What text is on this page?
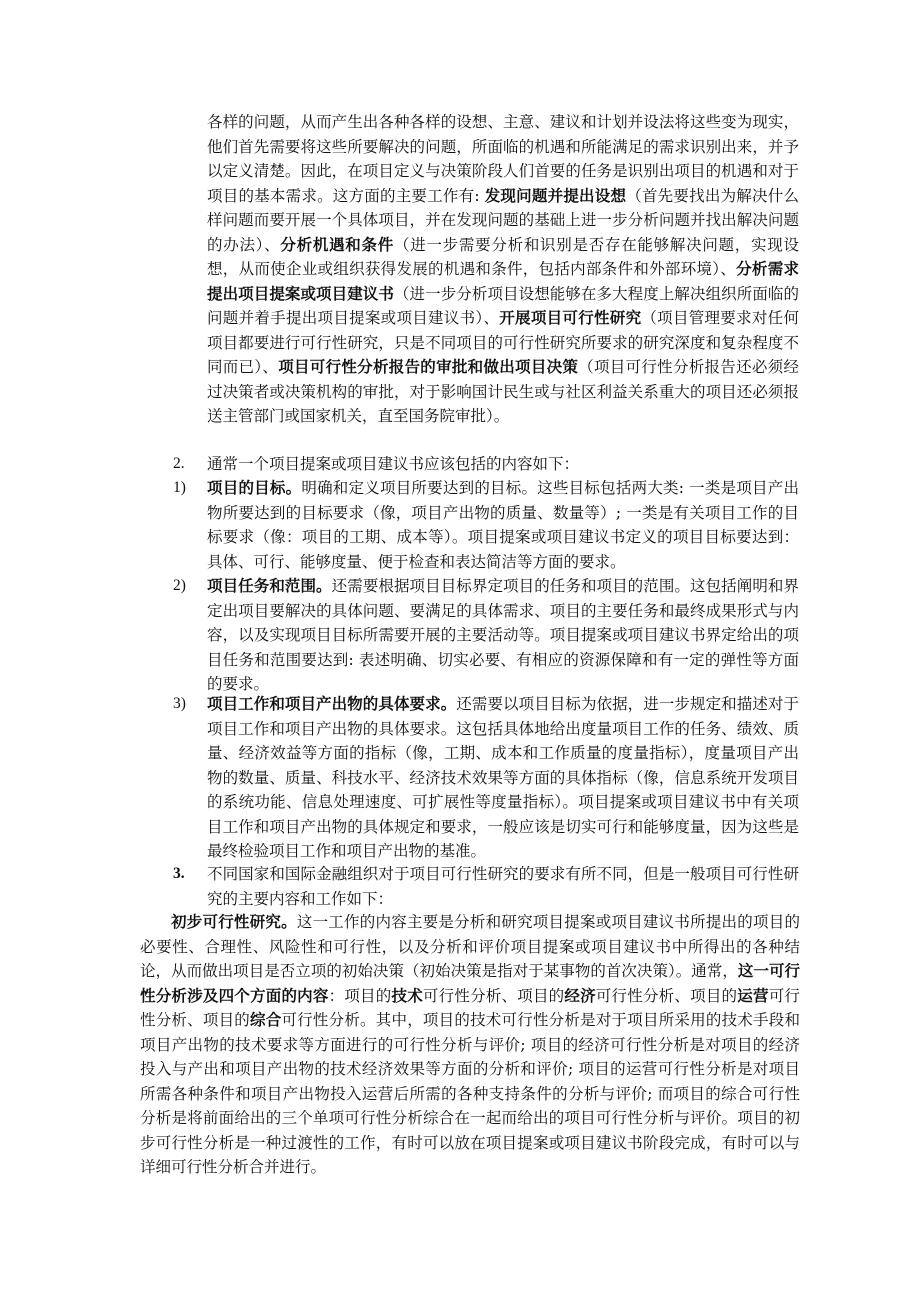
各样的问题，从而产生出各种各样的设想、主意、建议和计划并设法将这些变为现实，他们首先需要将这些所要解决的问题，所面临的机遇和所能满足的需求识别出来，并予以定义清楚。因此，在项目定义与决策阶段人们首要的任务是识别出项目的机遇和对于项目的基本需求。这方面的主要工作有: 发现问题并提出设想（首先要找出为解决什么样问题而要开展一个具体项目，并在发现问题的基础上进一步分析问题并找出解决问题的办法）、分析机遇和条件（进一步需要分析和识别是否存在能够解决问题，实现设想，从而使企业或组织获得发展的机遇和条件，包括内部条件和外部环境）、分析需求提出项目提案或项目建议书（进一步分析项目设想能够在多大程度上解决组织所面临的问题并着手提出项目提案或项目建议书）、开展项目可行性研究（项目管理要求对任何项目都要进行可行性研究，只是不同项目的可行性研究所要求的研究深度和复杂程度不同而已）、项目可行性分析报告的审批和做出项目决策（项目可行性分析报告还必须经过决策者或决策机构的审批，对于影响国计民生或与社区利益关系重大的项目还必须报送主管部门或国家机关，直至国务院审批）。
2. 通常一个项目提案或项目建议书应该包括的内容如下：
1) 项目的目标。明确和定义项目所要达到的目标。这些目标包括两大类: 一类是项目产出物所要达到的目标要求（像，项目产出物的质量、数量等）; 一类是有关项目工作的目标要求（像：项目的工期、成本等）。项目提案或项目建议书定义的项目目标要达到：具体、可行、能够度量、便于检查和表达简洁等方面的要求。
2) 项目任务和范围。还需要根据项目目标界定项目的任务和项目的范围。这包括阐明和界定出项目要解决的具体问题、要满足的具体需求、项目的主要任务和最终成果形式与内容，以及实现项目目标所需要开展的主要活动等。项目提案或项目建议书界定给出的项目任务和范围要达到: 表述明确、切实必要、有相应的资源保障和有一定的弹性等方面的要求。
3) 项目工作和项目产出物的具体要求。还需要以项目目标为依据，进一步规定和描述对于项目工作和项目产出物的具体要求。这包括具体地给出度量项目工作的任务、绩效、质量、经济效益等方面的指标（像，工期、成本和工作质量的度量指标），度量项目产出物的数量、质量、科技水平、经济技术效果等方面的具体指标（像，信息系统开发项目的系统功能、信息处理速度、可扩展性等度量指标）。项目提案或项目建议书中有关项目工作和项目产出物的具体规定和要求，一般应该是切实可行和能够度量，因为这些是最终检验项目工作和项目产出物的基准。
3. 不同国家和国际金融组织对于项目可行性研究的要求有所不同，但是一般项目可行性研究的主要内容和工作如下：
初步可行性研究。这一工作的内容主要是分析和研究项目提案或项目建议书所提出的项目的必要性、合理性、风险性和可行性，以及分析和评价项目提案或项目建议书中所得出的各种结论，从而做出项目是否立项的初始决策（初始决策是指对于某事物的首次决策）。通常，这一可行性分析涉及四个方面的内容：项目的技术可行性分析、项目的经济可行性分析、项目的运营可行性分析、项目的综合可行性分析。其中，项目的技术可行性分析是对于项目所采用的技术手段和项目产出物的技术要求等方面进行的可行性分析与评价; 项目的经济可行性分析是对项目的经济投入与产出和项目产出物的技术经济效果等方面的分析和评价; 项目的运营可行性分析是对项目所需各种条件和项目产出物投入运营后所需的各种支持条件的分析与评价; 而项目的综合可行性分析是将前面给出的三个单项可行性分析综合在一起而给出的项目可行性分析与评价。项目的初步可行性分析是一种过渡性的工作，有时可以放在项目提案或项目建议书阶段完成，有时可以与详细可行性分析合并进行。
